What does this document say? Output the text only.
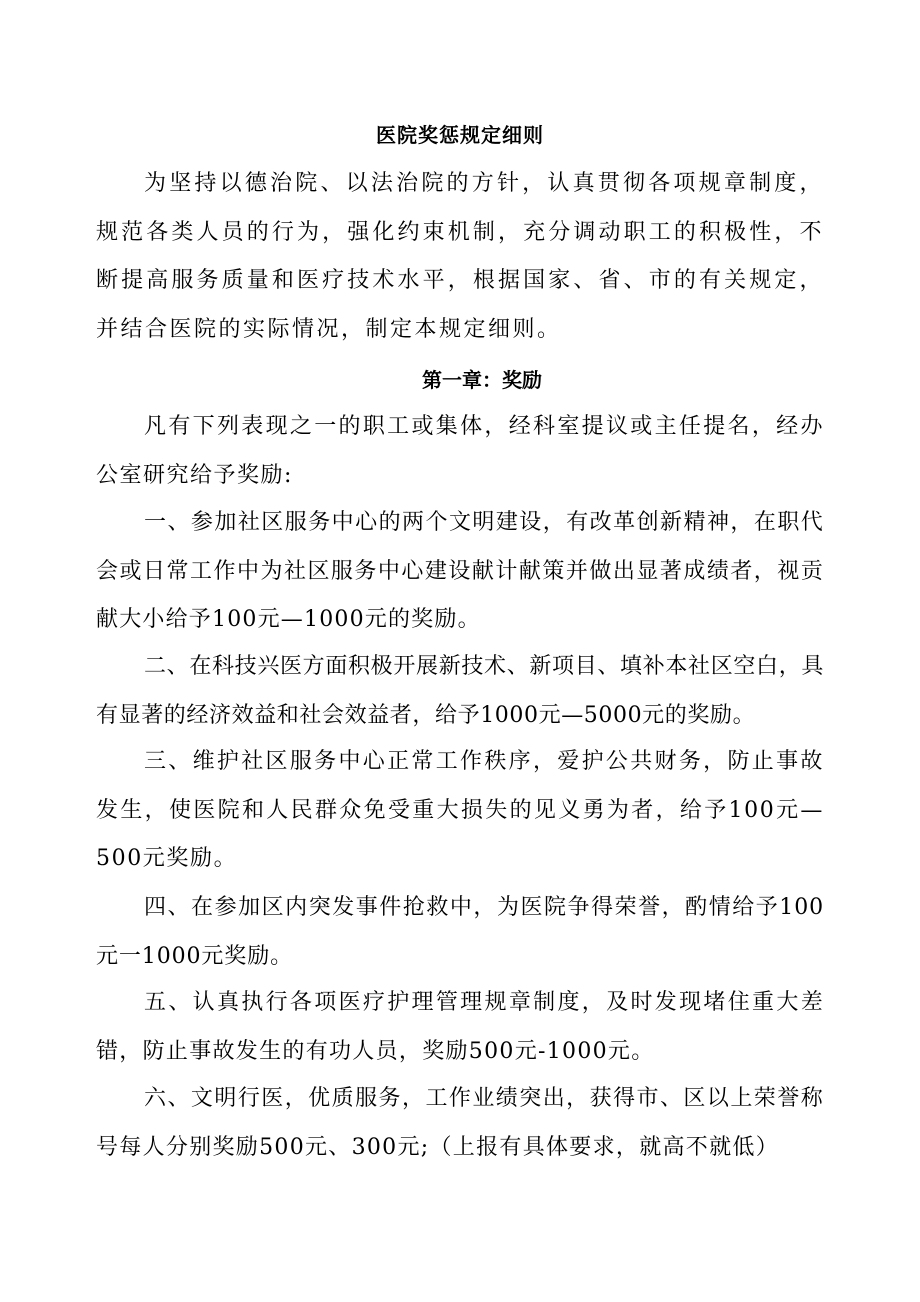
医院奖惩规定细则

为坚持以德治院、以法治院的方针，认真贯彻各项规章制度，规范各类人员的行为，强化约束机制，充分调动职工的积极性，不断提高服务质量和医疗技术水平，根据国家、省、市的有关规定，并结合医院的实际情况，制定本规定细则。

第一章：奖励

凡有下列表现之一的职工或集体，经科室提议或主任提名，经办公室研究给予奖励:

一、参加社区服务中心的两个文明建设，有改革创新精神，在职代会或日常工作中为社区服务中心建设献计献策并做出显著成绩者，视贡献大小给予100元—1000元的奖励。

二、在科技兴医方面积极开展新技术、新项目、填补本社区空白，具有显著的经济效益和社会效益者，给予1000元—5000元的奖励。

三、维护社区服务中心正常工作秩序，爱护公共财务，防止事故发生，使医院和人民群众免受重大损失的见义勇为者，给予100元—500元奖励。

四、在参加区内突发事件抢救中，为医院争得荣誉，酌情给予100元一1000元奖励。

五、认真执行各项医疗护理管理规章制度，及时发现堵住重大差错，防止事故发生的有功人员，奖励500元-1000元。

六、文明行医，优质服务，工作业绩突出，获得市、区以上荣誉称号每人分别奖励500元、300元;（上报有具体要求，就高不就低）
